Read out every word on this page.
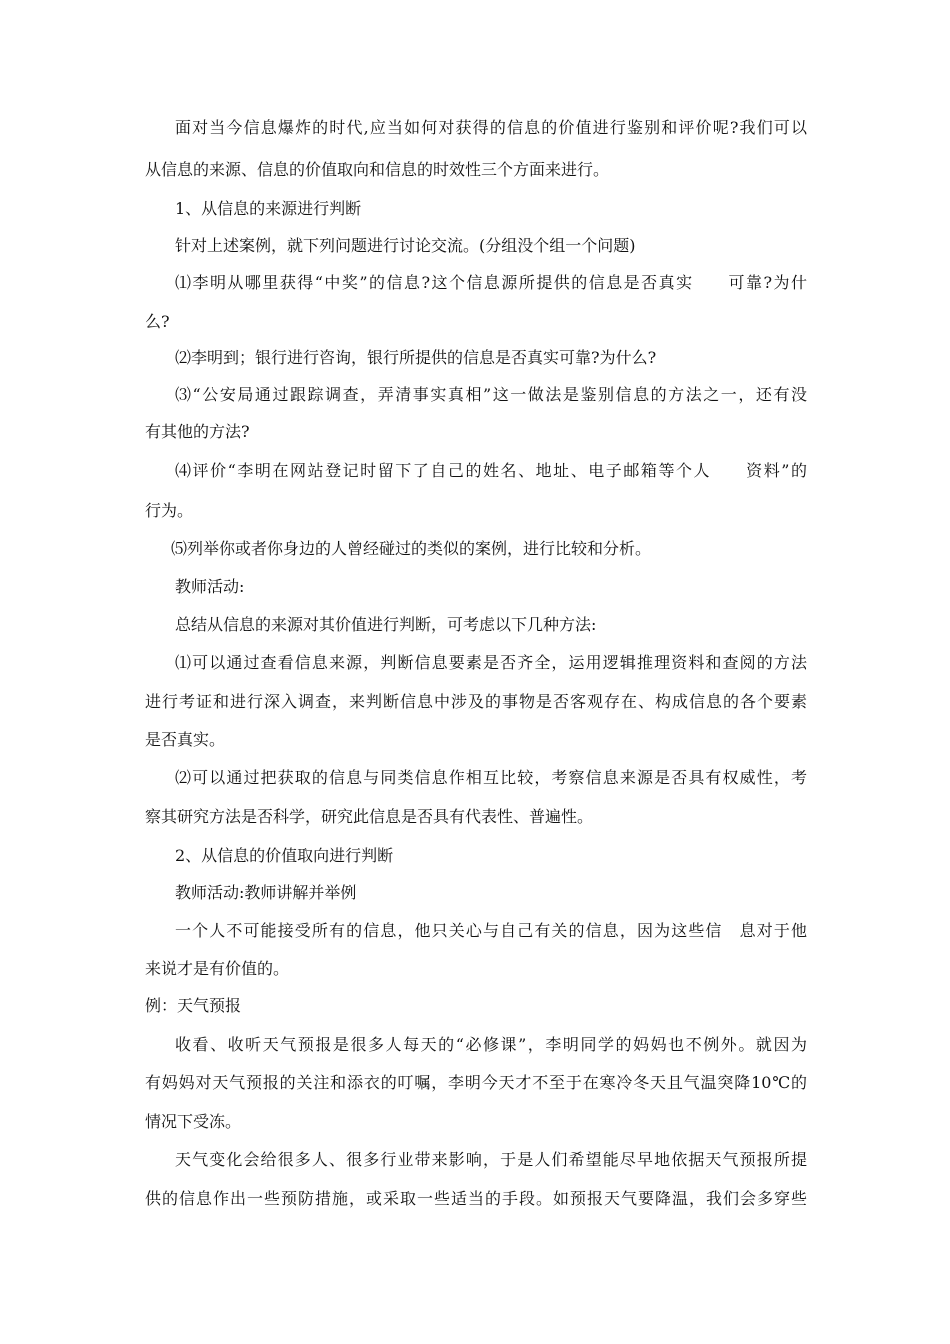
面对当今信息爆炸的时代,应当如何对获得的信息的价值进行鉴别和评价呢?我们可以
从信息的来源、信息的价值取向和信息的时效性三个方面来进行。
1、从信息的来源进行判断
针对上述案例，就下列问题进行讨论交流。(分组没个组一个问题)
⑴李明从哪里获得“中奖”的信息?这个信息源所提供的信息是否真实　　可靠?为什
么?
⑵李明到；银行进行咨询，银行所提供的信息是否真实可靠?为什么?
⑶“公安局通过跟踪调查，弄清事实真相”这一做法是鉴别信息的方法之一，还有没
有其他的方法?
⑷评价“李明在网站登记时留下了自己的姓名、地址、电子邮箱等个人　　资料”的
行为。
⑸列举你或者你身边的人曾经碰过的类似的案例，进行比较和分析。
教师活动:
总结从信息的来源对其价值进行判断，可考虑以下几种方法:
⑴可以通过查看信息来源，判断信息要素是否齐全，运用逻辑推理资料和查阅的方法
进行考证和进行深入调查，来判断信息中涉及的事物是否客观存在、构成信息的各个要素
是否真实。
⑵可以通过把获取的信息与同类信息作相互比较，考察信息来源是否具有权威性，考
察其研究方法是否科学，研究此信息是否具有代表性、普遍性。
2、从信息的价值取向进行判断
教师活动:教师讲解并举例
一个人不可能接受所有的信息，他只关心与自己有关的信息，因为这些信　息对于他
来说才是有价值的。
例：天气预报
收看、收听天气预报是很多人每天的“必修课”，李明同学的妈妈也不例外。就因为
有妈妈对天气预报的关注和添衣的叮嘱，李明今天才不至于在寒冷冬天且气温突降10℃的
情况下受冻。
天气变化会给很多人、很多行业带来影响，于是人们希望能尽早地依据天气预报所提
供的信息作出一些预防措施，或采取一些适当的手段。如预报天气要降温，我们会多穿些
